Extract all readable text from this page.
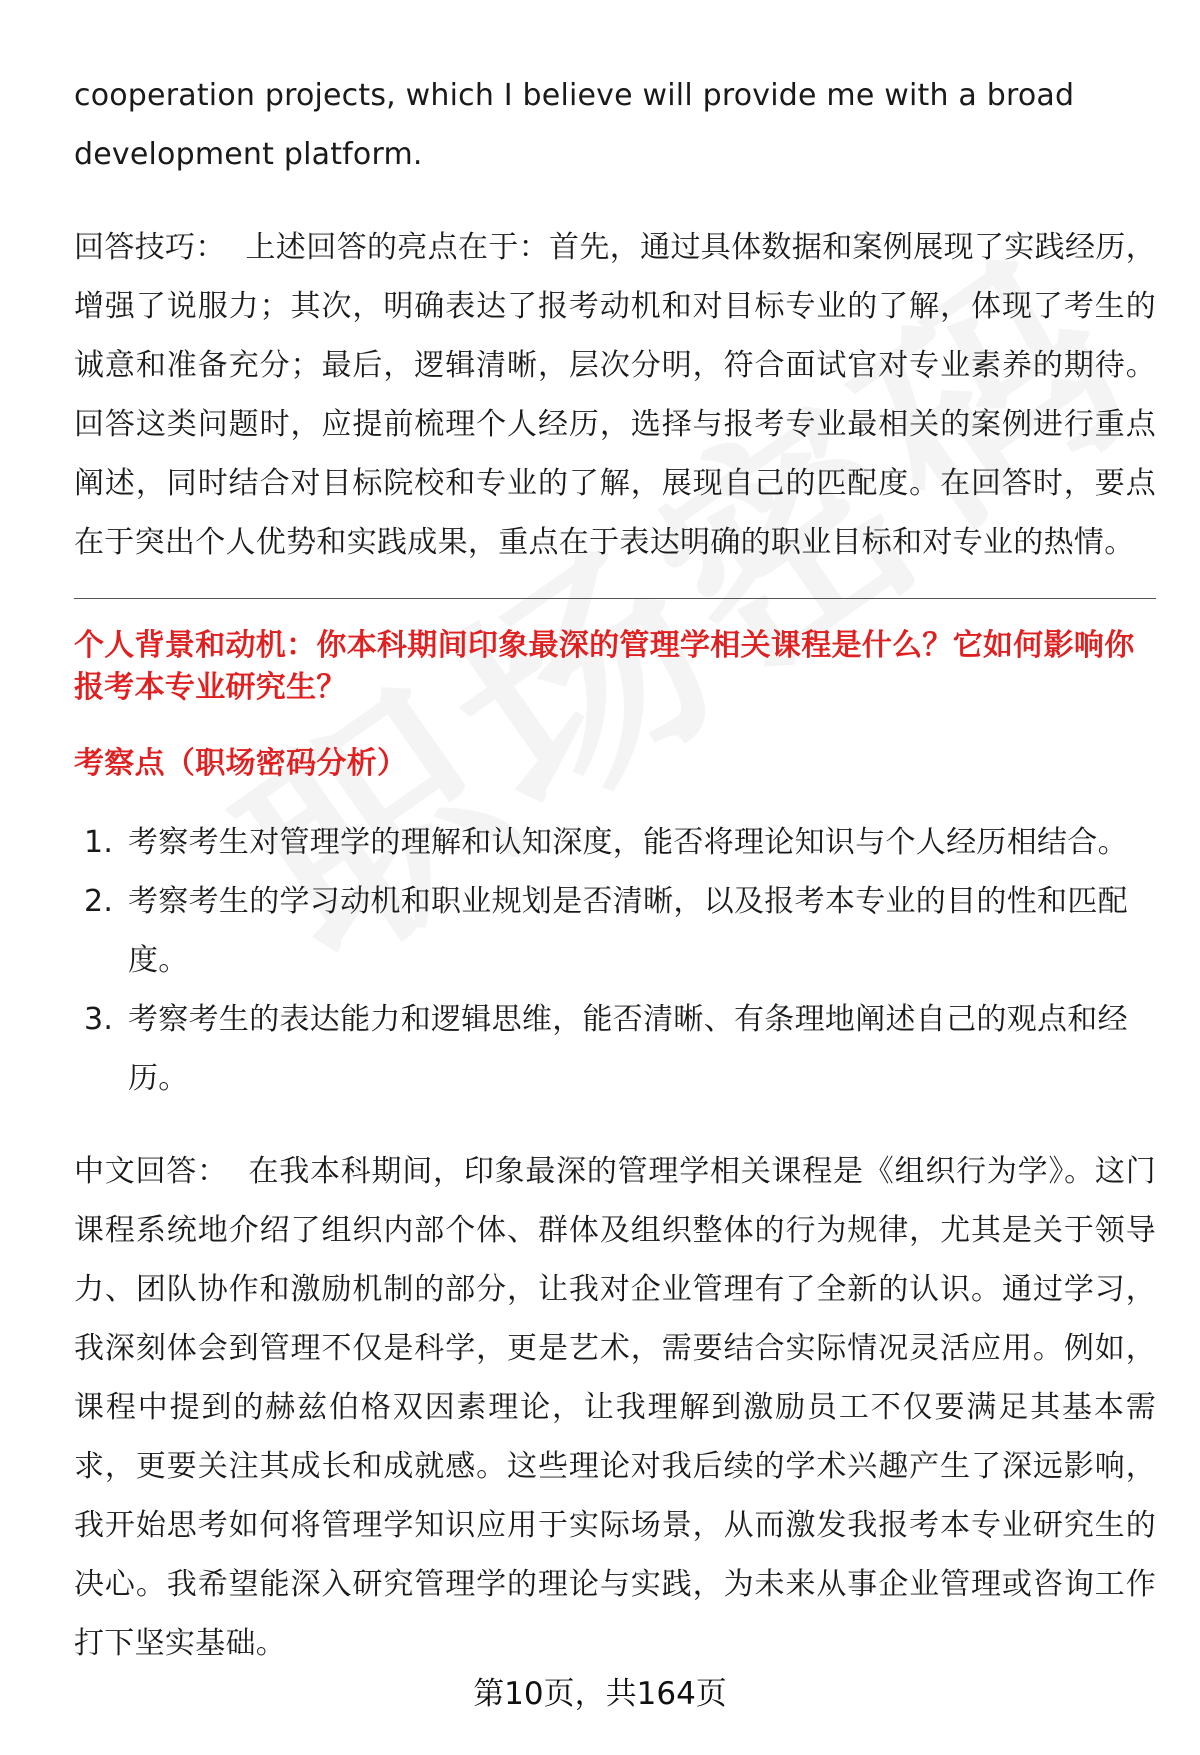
cooperation projects, which I believe will provide me with a broad
development platform.

回答技巧： 上述回答的亮点在于：首先，通过具体数据和案例展现了实践经历，增强了说服力；其次，明确表达了报考动机和对目标专业的了解，体现了考生的诚意和准备充分；最后，逻辑清晰，层次分明，符合面试官对专业素养的期待。回答这类问题时，应提前梳理个人经历，选择与报考专业最相关的案例进行重点阐述，同时结合对目标院校和专业的了解，展现自己的匹配度。在回答时，要点在于突出个人优势和实践成果，重点在于表达明确的职业目标和对专业的热情。

个人背景和动机：你本科期间印象最深的管理学相关课程是什么？它如何影响你报考本专业研究生？

考察点（职场密码分析）

1. 考察考生对管理学的理解和认知深度，能否将理论知识与个人经历相结合。
2. 考察考生的学习动机和职业规划是否清晰，以及报考本专业的目的性和匹配度。
3. 考察考生的表达能力和逻辑思维，能否清晰、有条理地阐述自己的观点和经历。

中文回答： 在我本科期间，印象最深的管理学相关课程是《组织行为学》。这门课程系统地介绍了组织内部个体、群体及组织整体的行为规律，尤其是关于领导力、团队协作和激励机制的部分，让我对企业管理有了全新的认识。通过学习，我深刻体会到管理不仅是科学，更是艺术，需要结合实际情况灵活应用。例如，课程中提到的赫兹伯格双因素理论，让我理解到激励员工不仅要满足其基本需求，更要关注其成长和成就感。这些理论对我后续的学术兴趣产生了深远影响，我开始思考如何将管理学知识应用于实际场景，从而激发我报考本专业研究生的决心。我希望能深入研究管理学的理论与实践，为未来从事企业管理或咨询工作打下坚实基础。

第10页，共164页
